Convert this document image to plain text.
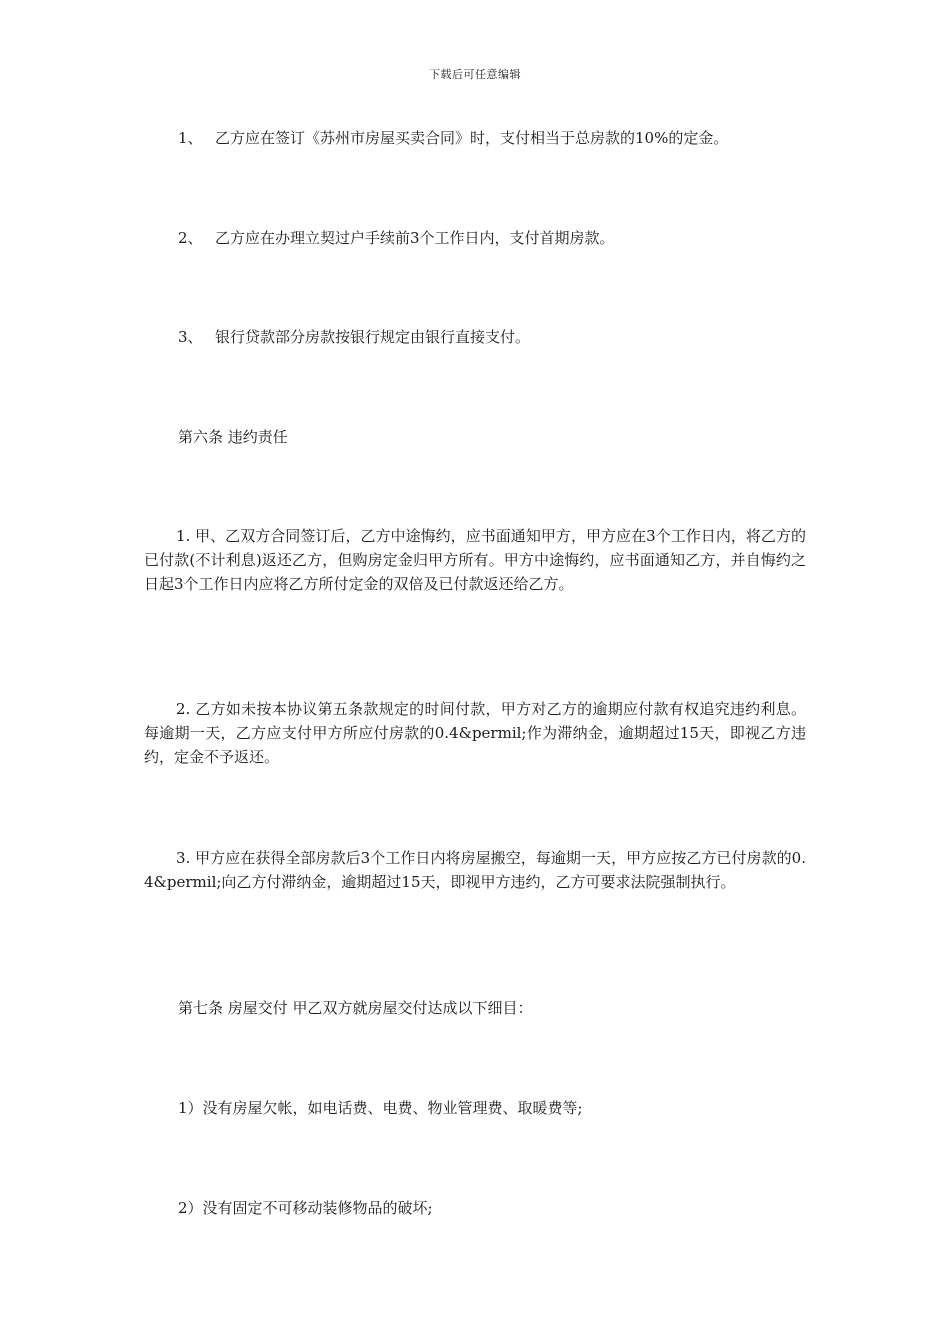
下载后可任意编辑
1、 乙方应在签订《苏州市房屋买卖合同》时，支付相当于总房款的10%的定金。
2、 乙方应在办理立契过户手续前3个工作日内，支付首期房款。
3、 银行贷款部分房款按银行规定由银行直接支付。
第六条 违约责任
1. 甲、乙双方合同签订后，乙方中途悔约，应书面通知甲方，甲方应在3个工作日内，将乙方的已付款(不计利息)返还乙方，但购房定金归甲方所有。甲方中途悔约，应书面通知乙方，并自悔约之日起3个工作日内应将乙方所付定金的双倍及已付款返还给乙方。
2. 乙方如未按本协议第五条款规定的时间付款，甲方对乙方的逾期应付款有权追究违约利息。每逾期一天，乙方应支付甲方所应付房款的0.4&permil;作为滞纳金，逾期超过15天，即视乙方违约，定金不予返还。
3. 甲方应在获得全部房款后3个工作日内将房屋搬空，每逾期一天，甲方应按乙方已付房款的0.4&permil;向乙方付滞纳金，逾期超过15天，即视甲方违约，乙方可要求法院强制执行。
第七条 房屋交付 甲乙双方就房屋交付达成以下细目：
1）没有房屋欠帐，如电话费、电费、物业管理费、取暖费等;
2）没有固定不可移动装修物品的破坏;
